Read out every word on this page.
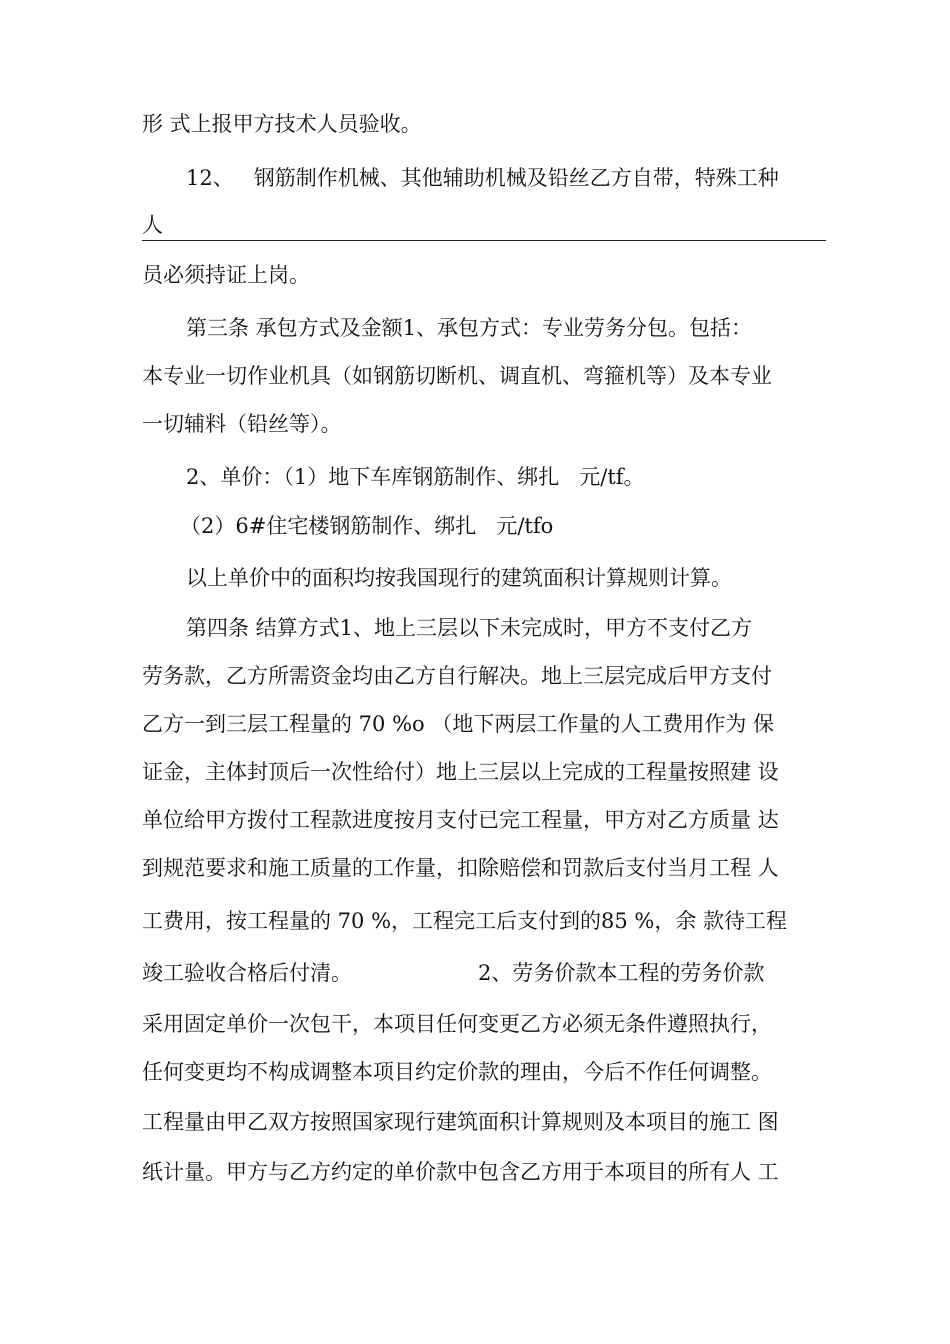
形 式上报甲方技术人员验收。
12、   钢筋制作机械、其他辅助机械及铅丝乙方自带，特殊工种
人
员必须持证上岗。
第三条 承包方式及金额1、承包方式：专业劳务分包。包括：
本专业一切作业机具（如钢筋切断机、调直机、弯箍机等）及本专业
一切辅料（铅丝等）。
2、单价：（1）地下车库钢筋制作、绑扎   元/tf。
（2）6#住宅楼钢筋制作、绑扎   元/tfo
以上单价中的面积均按我国现行的建筑面积计算规则计算。
第四条 结算方式1、地上三层以下未完成时，甲方不支付乙方
劳务款，乙方所需资金均由乙方自行解决。地上三层完成后甲方支付
乙方一到三层工程量的 70 %o （地下两层工作量的人工费用作为 保
证金，主体封顶后一次性给付）地上三层以上完成的工程量按照建 设
单位给甲方拨付工程款进度按月支付已完工程量，甲方对乙方质量 达
到规范要求和施工质量的工作量，扣除赔偿和罚款后支付当月工程 人
工费用，按工程量的 70 %，工程完工后支付到的85 %，余 款待工程
竣工验收合格后付清。	2、劳务价款本工程的劳务价款
采用固定单价一次包干，本项目任何变更乙方必须无条件遵照执行，
任何变更均不构成调整本项目约定价款的理由，今后不作任何调整。
工程量由甲乙双方按照国家现行建筑面积计算规则及本项目的施工 图
纸计量。甲方与乙方约定的单价款中包含乙方用于本项目的所有人 工
